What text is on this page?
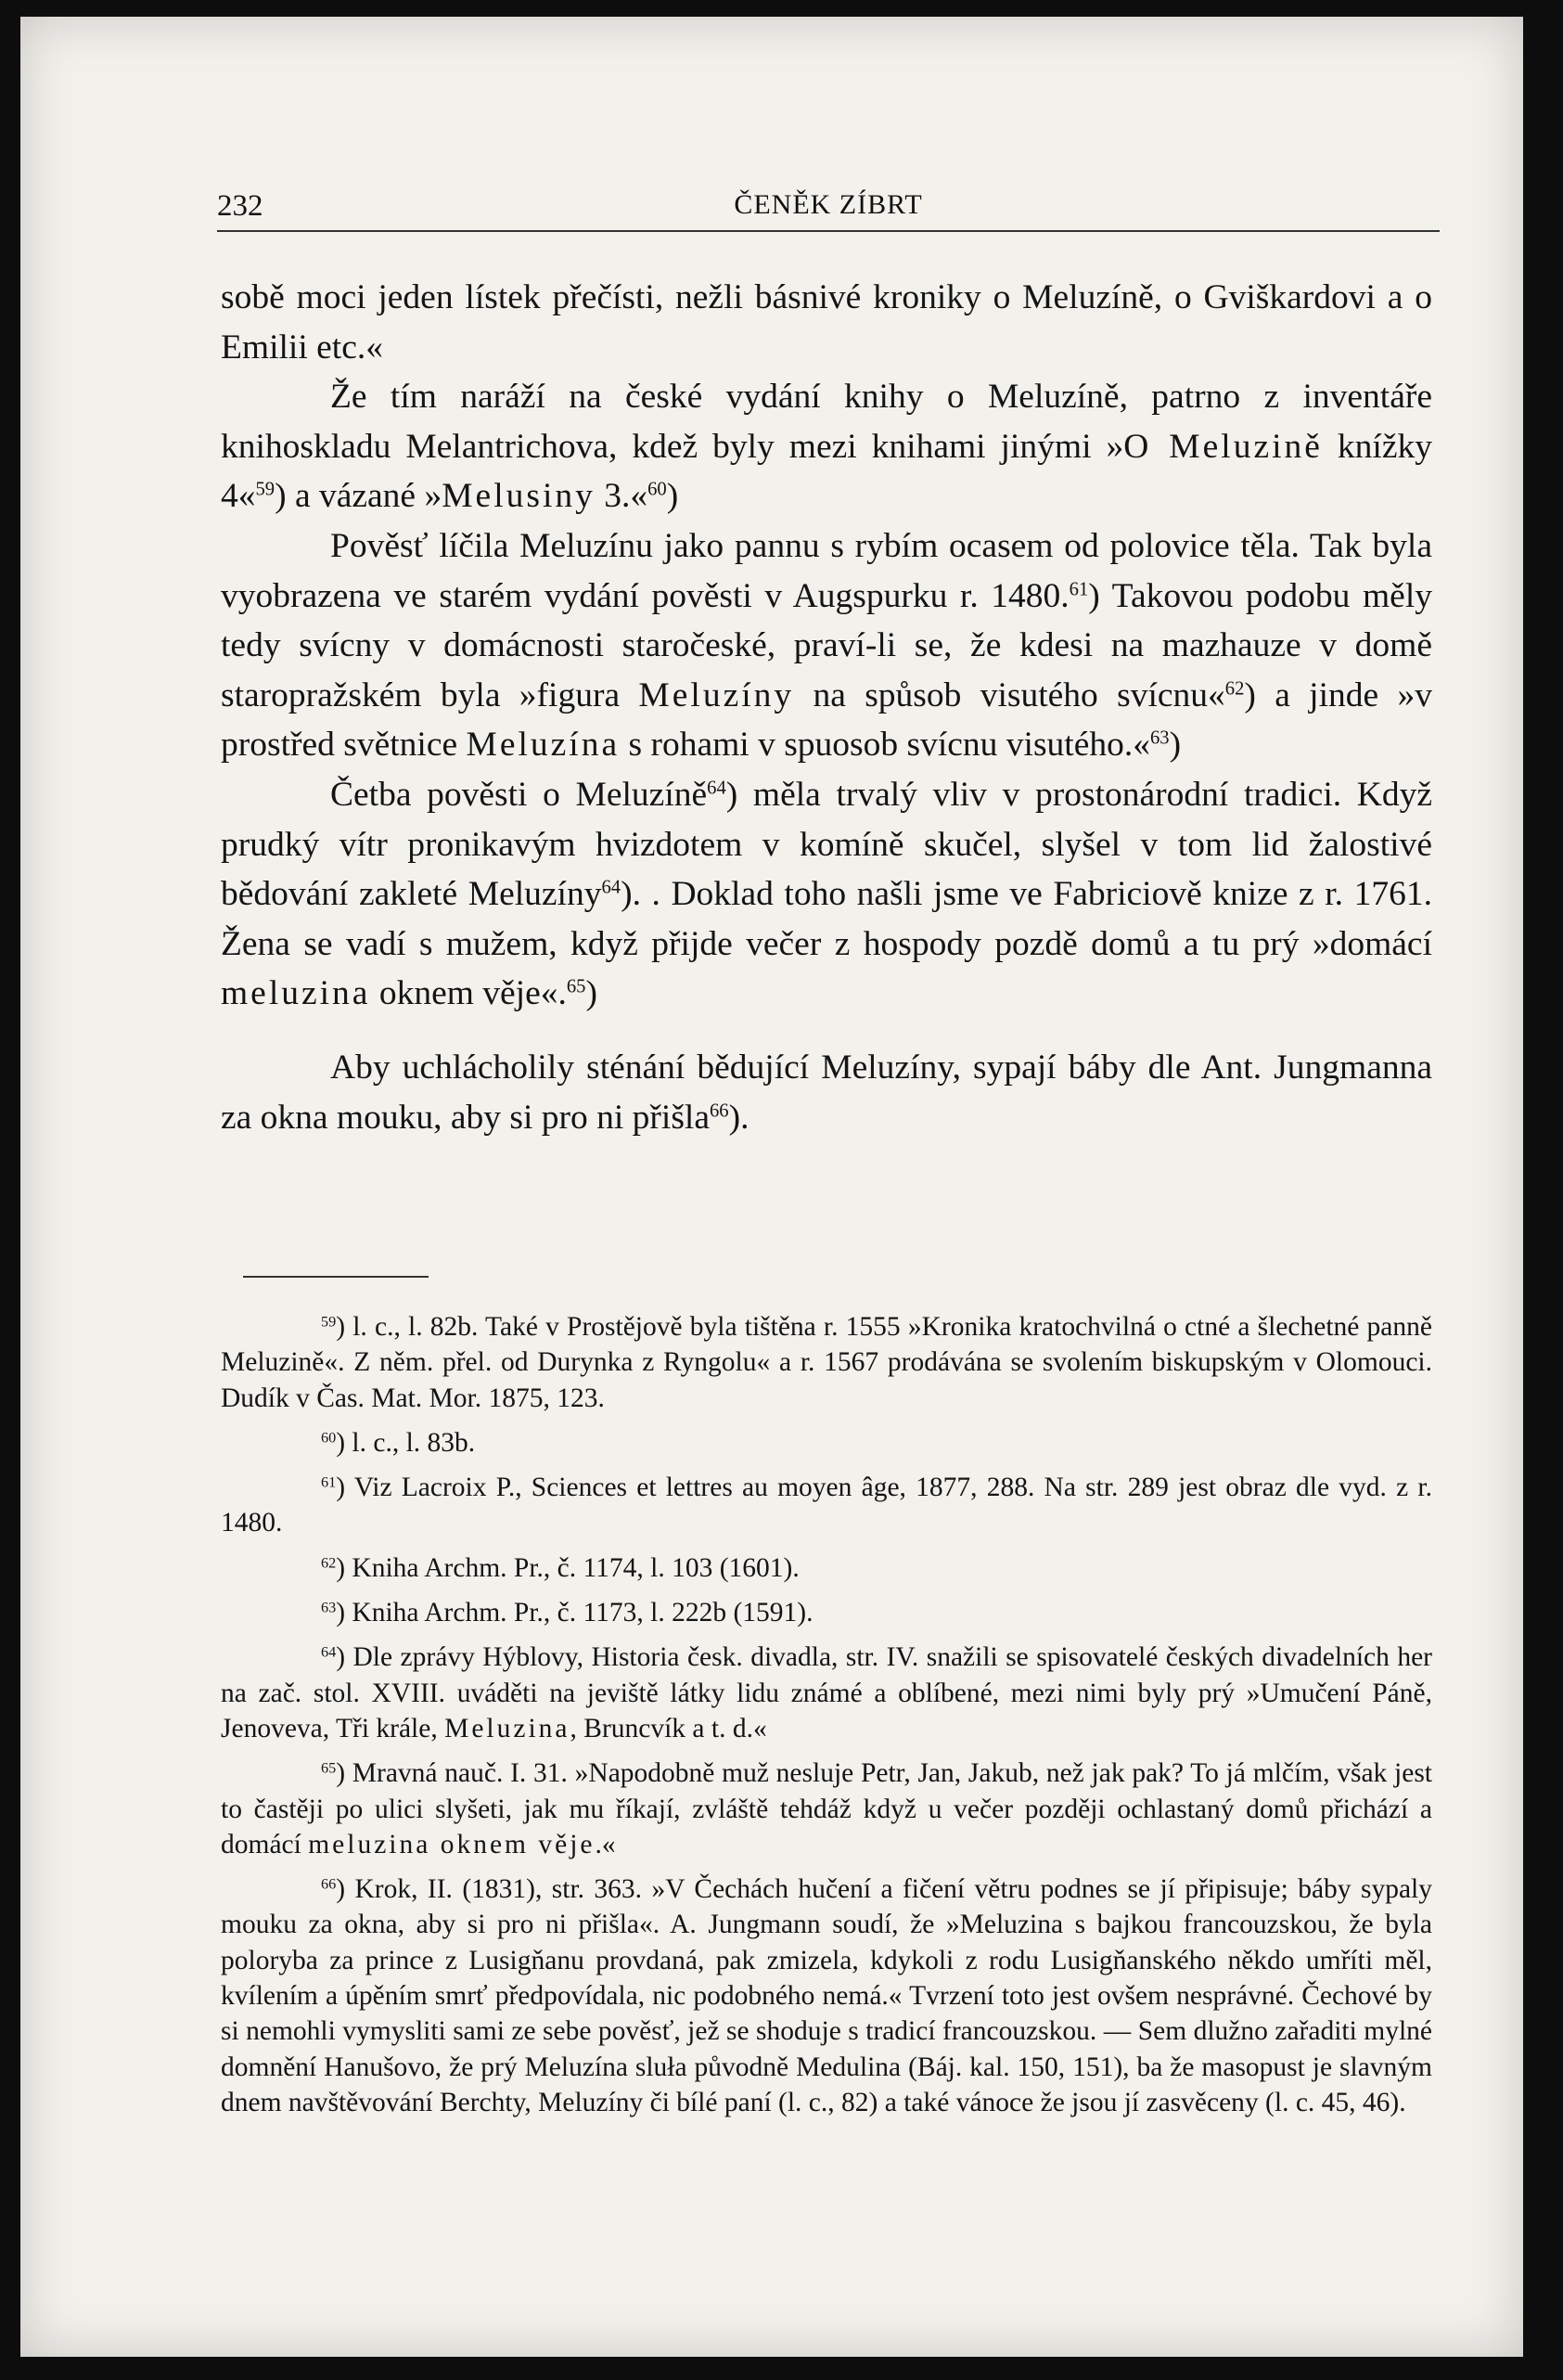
232	ČENĚK ZÍBRT

sobě moci jeden lístek přečísti, nežli básnivé kroniky o Meluzíně, o Gviškardovi a o Emilii etc.«

Že tím naráží na české vydání knihy o Meluzíně, patrno z inventáře knihoskladu Melantrichova, kdež byly mezi knihami jinými »O Meluzině knížky 4«$^{59}$) a vázané »Melusiny 3.«$^{60}$)

Pověsť líčila Meluzínu jako pannu s rybím ocasem od polovice těla. Tak byla vyobrazena ve starém vydání pověsti v Augspurku r. 1480.61) Takovou podobu měly tedy svícny v domácnosti staročeské, praví-li se, že kdesi na mazhauze v domě staropražském byla »figura Meluzíny na spůsob visutého svícnu«$^{62}$) a jinde »v prostřed světnice Meluzína s rohami v spuosob svícnu visutého.«$^{63}$)

Četba pověsti o Meluzíně$^{64}$) měla trvalý vliv v prostonárodní tradici. Když prudký vítr pronikavým hvizdotem v komíně skučel, slyšel v tom lid žalostivé bědování zakleté Meluzíny$^{64}$). . Doklad toho našli jsme ve Fabriciově knize z r. 1761. Žena se vadí s mužem, když přijde večer z hospody pozdě domů a tu prý »domácí meluzina oknem věje«.$^{65}$)

Aby uchlácholily sténání bědující Meluzíny, sypají báby dle Ant. Jungmanna za okna mouku, aby si pro ni přišla$^{66}$).

$^{59}$) l. c., l. 82b. Také v Prostějově byla tištěna r. 1555 »Kronika kratochvilná o ctné a šlechetné panně Meluzině«. Z něm. přel. od Durynka z Ryngolu« a r. 1567 prodávána se svolením biskupským v Olomouci. Dudík v Čas. Mat. Mor. 1875, 123.

$^{60}$) l. c., l. 83b.

$^{61}$) Viz Lacroix P., Sciences et lettres au moyen âge, 1877, 288. Na str. 289 jest obraz dle vyd. z r. 1480.

$^{62}$) Kniha Archm. Pr., č. 1174, l. 103 (1601).

$^{63}$) Kniha Archm. Pr., č. 1173, l. 222b (1591).

$^{64}$) Dle zprávy Hýblovy, Historia česk. divadla, str. IV. snažili se spisovatelé českých divadelních her na zač. stol. XVIII. uváděti na jeviště látky lidu známé a oblíbené, mezi nimi byly prý »Umučení Páně, Jenoveva, Tři krále, Meluzina, Bruncvík a t. d.«

$^{65}$) Mravná nauč. I. 31. »Napodobně muž nesluje Petr, Jan, Jakub, než jak pak? To já mlčím, však jest to častěji po ulici slyšeti, jak mu říkají, zvláště tehdáž když u večer později ochlastaný domů přichází a domácí meluzina oknem věje.«

$^{66}$) Krok, II. (1831), str. 363. »V Čechách hučení a fičení větru podnes se jí připisuje; báby sypaly mouku za okna, aby si pro ni přišla«. A. Jungmann soudí, že »Meluzina s bajkou francouzskou, že byla poloryba za prince z Lusigňanu provdaná, pak zmizela, kdykoli z rodu Lusigňanského někdo umříti měl, kvílením a úpěním smrť předpovídala, nic podobného nemá.« Tvrzení toto jest ovšem nesprávné. Čechové by si nemohli vymysliti sami ze sebe pověsť, jež se shoduje s tradicí francouzskou. — Sem dlužno zařaditi mylné domnění Hanušovo, že prý Meluzína sluła původně Medulina (Báj. kal. 150, 151), ba že masopust je slavným dnem navštěvování Berchty, Meluzíny či bílé paní (l. c., 82) a také vánoce že jsou jí zasvěceny (l. c. 45, 46).
